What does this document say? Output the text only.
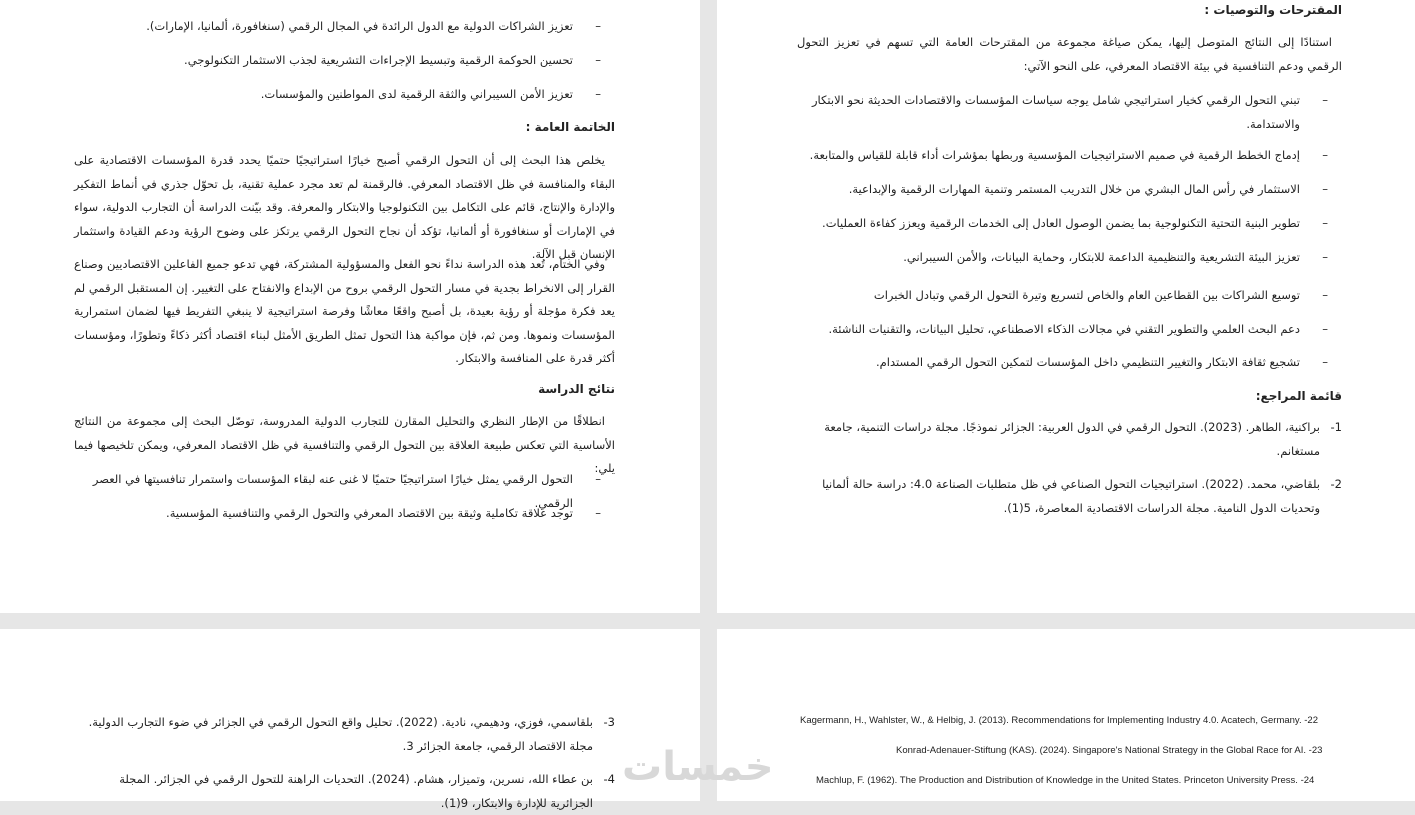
المقترحات والتوصيات :
استنادًا إلى النتائج المتوصل إليها، يمكن صياغة مجموعة من المقترحات العامة التي تسهم في تعزيز التحول الرقمي ودعم التنافسية في بيئة الاقتصاد المعرفي، على النحو الآتي:
–
تبني التحول الرقمي كخيار استراتيجي شامل يوجه سياسات المؤسسات والاقتصادات الحديثة نحو الابتكار والاستدامة.
–
إدماج الخطط الرقمية في صميم الاستراتيجيات المؤسسية وربطها بمؤشرات أداء قابلة للقياس والمتابعة.
–
الاستثمار في رأس المال البشري من خلال التدريب المستمر وتنمية المهارات الرقمية والإبداعية.
–
تطوير البنية التحتية التكنولوجية بما يضمن الوصول العادل إلى الخدمات الرقمية ويعزز كفاءة العمليات.
–
تعزيز البيئة التشريعية والتنظيمية الداعمة للابتكار، وحماية البيانات، والأمن السيبراني.
–
توسيع الشراكات بين القطاعين العام والخاص لتسريع وتيرة التحول الرقمي وتبادل الخبرات
–
دعم البحث العلمي والتطوير التقني في مجالات الذكاء الاصطناعي، تحليل البيانات، والتقنيات الناشئة.
–
تشجيع ثقافة الابتكار والتغيير التنظيمي داخل المؤسسات لتمكين التحول الرقمي المستدام.
قائمة المراجع:
1-
براكنية، الطاهر. (2023). التحول الرقمي في الدول العربية: الجزائر نموذجًا. مجلة دراسات التنمية، جامعة مستغانم.
2-
بلقاضي، محمد. (2022). استراتيجيات التحول الصناعي في ظل متطلبات الصناعة 4.0: دراسة حالة ألمانيا وتحديات الدول النامية. مجلة الدراسات الاقتصادية المعاصرة، 5(1).
–
تعزيز الشراكات الدولية مع الدول الرائدة في المجال الرقمي (سنغافورة، ألمانيا، الإمارات).
–
تحسين الحوكمة الرقمية وتبسيط الإجراءات التشريعية لجذب الاستثمار التكنولوجي.
–
تعزيز الأمن السيبراني والثقة الرقمية لدى المواطنين والمؤسسات.
الخاتمة العامة :
يخلص هذا البحث إلى أن التحول الرقمي أصبح خيارًا استراتيجيًا حتميًا يحدد قدرة المؤسسات الاقتصادية على البقاء والمنافسة في ظل الاقتصاد المعرفي. فالرقمنة لم تعد مجرد عملية تقنية، بل تحوّل جذري في أنماط التفكير والإدارة والإنتاج، قائم على التكامل بين التكنولوجيا والابتكار والمعرفة. وقد بيّنت الدراسة أن التجارب الدولية، سواء في الإمارات أو سنغافورة أو ألمانيا، تؤكد أن نجاح التحول الرقمي يرتكز على وضوح الرؤية ودعم القيادة واستثمار الإنسان قبل الآلة.
وفي الختام، تُعد هذه الدراسة نداءً نحو الفعل والمسؤولية المشتركة، فهي تدعو جميع الفاعلين الاقتصاديين وصناع القرار إلى الانخراط بجدية في مسار التحول الرقمي بروح من الإبداع والانفتاح على التغيير. إن المستقبل الرقمي لم يعد فكرة مؤجلة أو رؤية بعيدة، بل أصبح واقعًا معاشًا وفرصة استراتيجية لا ينبغي التفريط فيها لضمان استمرارية المؤسسات ونموها. ومن ثم، فإن مواكبة هذا التحول تمثل الطريق الأمثل لبناء اقتصاد أكثر ذكاءً وتطورًا، ومؤسسات أكثر قدرة على المنافسة والابتكار.
نتائج الدراسة
انطلاقًا من الإطار النظري والتحليل المقارن للتجارب الدولية المدروسة، توصّل البحث إلى مجموعة من النتائج الأساسية التي تعكس طبيعة العلاقة بين التحول الرقمي والتنافسية في ظل الاقتصاد المعرفي، ويمكن تلخيصها فيما يلي:
–
التحول الرقمي يمثل خيارًا استراتيجيًا حتميًا لا غنى عنه لبقاء المؤسسات واستمرار تنافسيتها في العصر الرقمي.
–
توجد علاقة تكاملية وثيقة بين الاقتصاد المعرفي والتحول الرقمي والتنافسية المؤسسية.
3-
بلقاسمي، فوزي، ودهيمي، نادية. (2022). تحليل واقع التحول الرقمي في الجزائر في ضوء التجارب الدولية. مجلة الاقتصاد الرقمي، جامعة الجزائر 3.
4-
بن عطاء الله، نسرين، وتميزار، هشام. (2024). التحديات الراهنة للتحول الرقمي في الجزائر. المجلة الجزائرية للإدارة والابتكار، 9(1).
Kagermann, H., Wahlster, W., & Helbig, J. (2013). Recommendations for Implementing Industry 4.0. Acatech, Germany. -22
Konrad-Adenauer-Stiftung (KAS). (2024). Singapore's National Strategy in the Global Race for AI. -23
Machlup, F. (1962). The Production and Distribution of Knowledge in the United States. Princeton University Press. -24
خمسات
